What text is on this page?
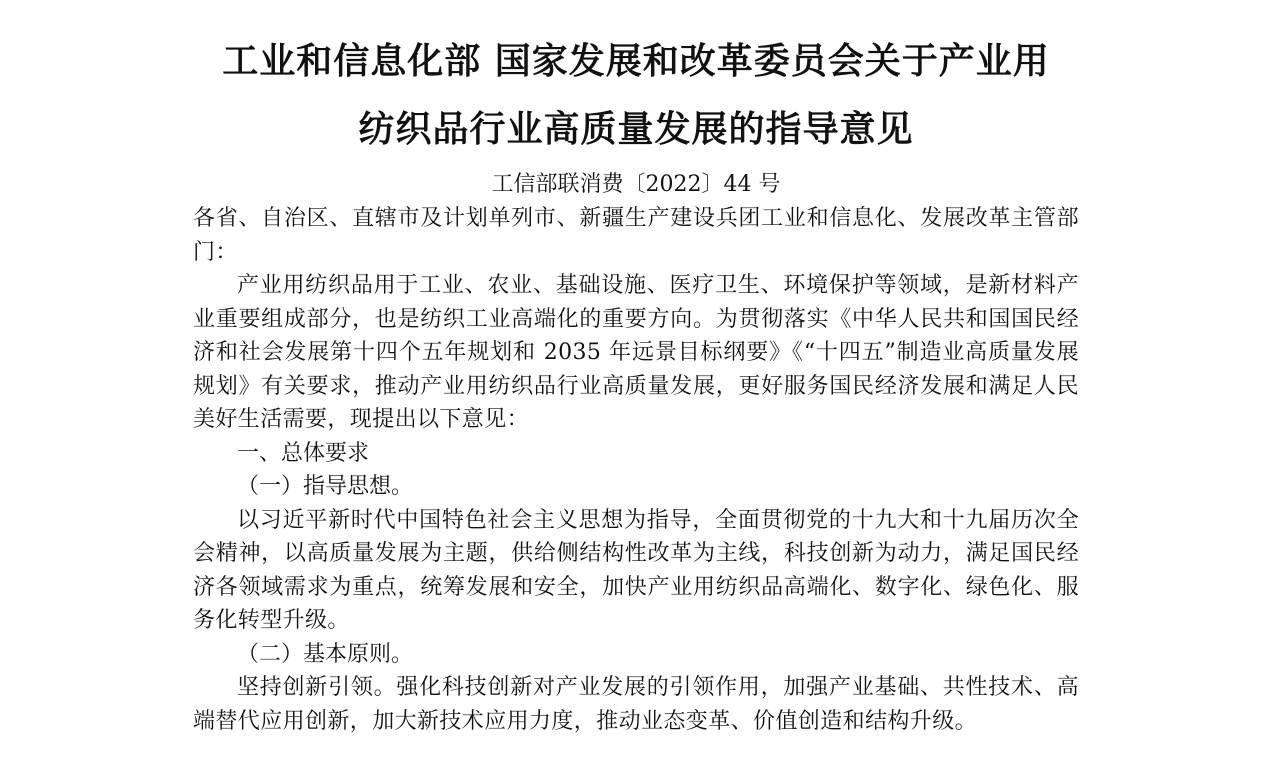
工业和信息化部 国家发展和改革委员会关于产业用
纺织品行业高质量发展的指导意见

工信部联消费〔2022〕44 号

各省、自治区、直辖市及计划单列市、新疆生产建设兵团工业和信息化、发展改革主管部门：

产业用纺织品用于工业、农业、基础设施、医疗卫生、环境保护等领域，是新材料产业重要组成部分，也是纺织工业高端化的重要方向。为贯彻落实《中华人民共和国国民经济和社会发展第十四个五年规划和 2035 年远景目标纲要》《“十四五”制造业高质量发展规划》有关要求，推动产业用纺织品行业高质量发展，更好服务国民经济发展和满足人民美好生活需要，现提出以下意见：

一、总体要求

（一）指导思想。

以习近平新时代中国特色社会主义思想为指导，全面贯彻党的十九大和十九届历次全会精神，以高质量发展为主题，供给侧结构性改革为主线，科技创新为动力，满足国民经济各领域需求为重点，统筹发展和安全，加快产业用纺织品高端化、数字化、绿色化、服务化转型升级。

（二）基本原则。

坚持创新引领。强化科技创新对产业发展的引领作用，加强产业基础、共性技术、高端替代应用创新，加大新技术应用力度，推动业态变革、价值创造和结构升级。
